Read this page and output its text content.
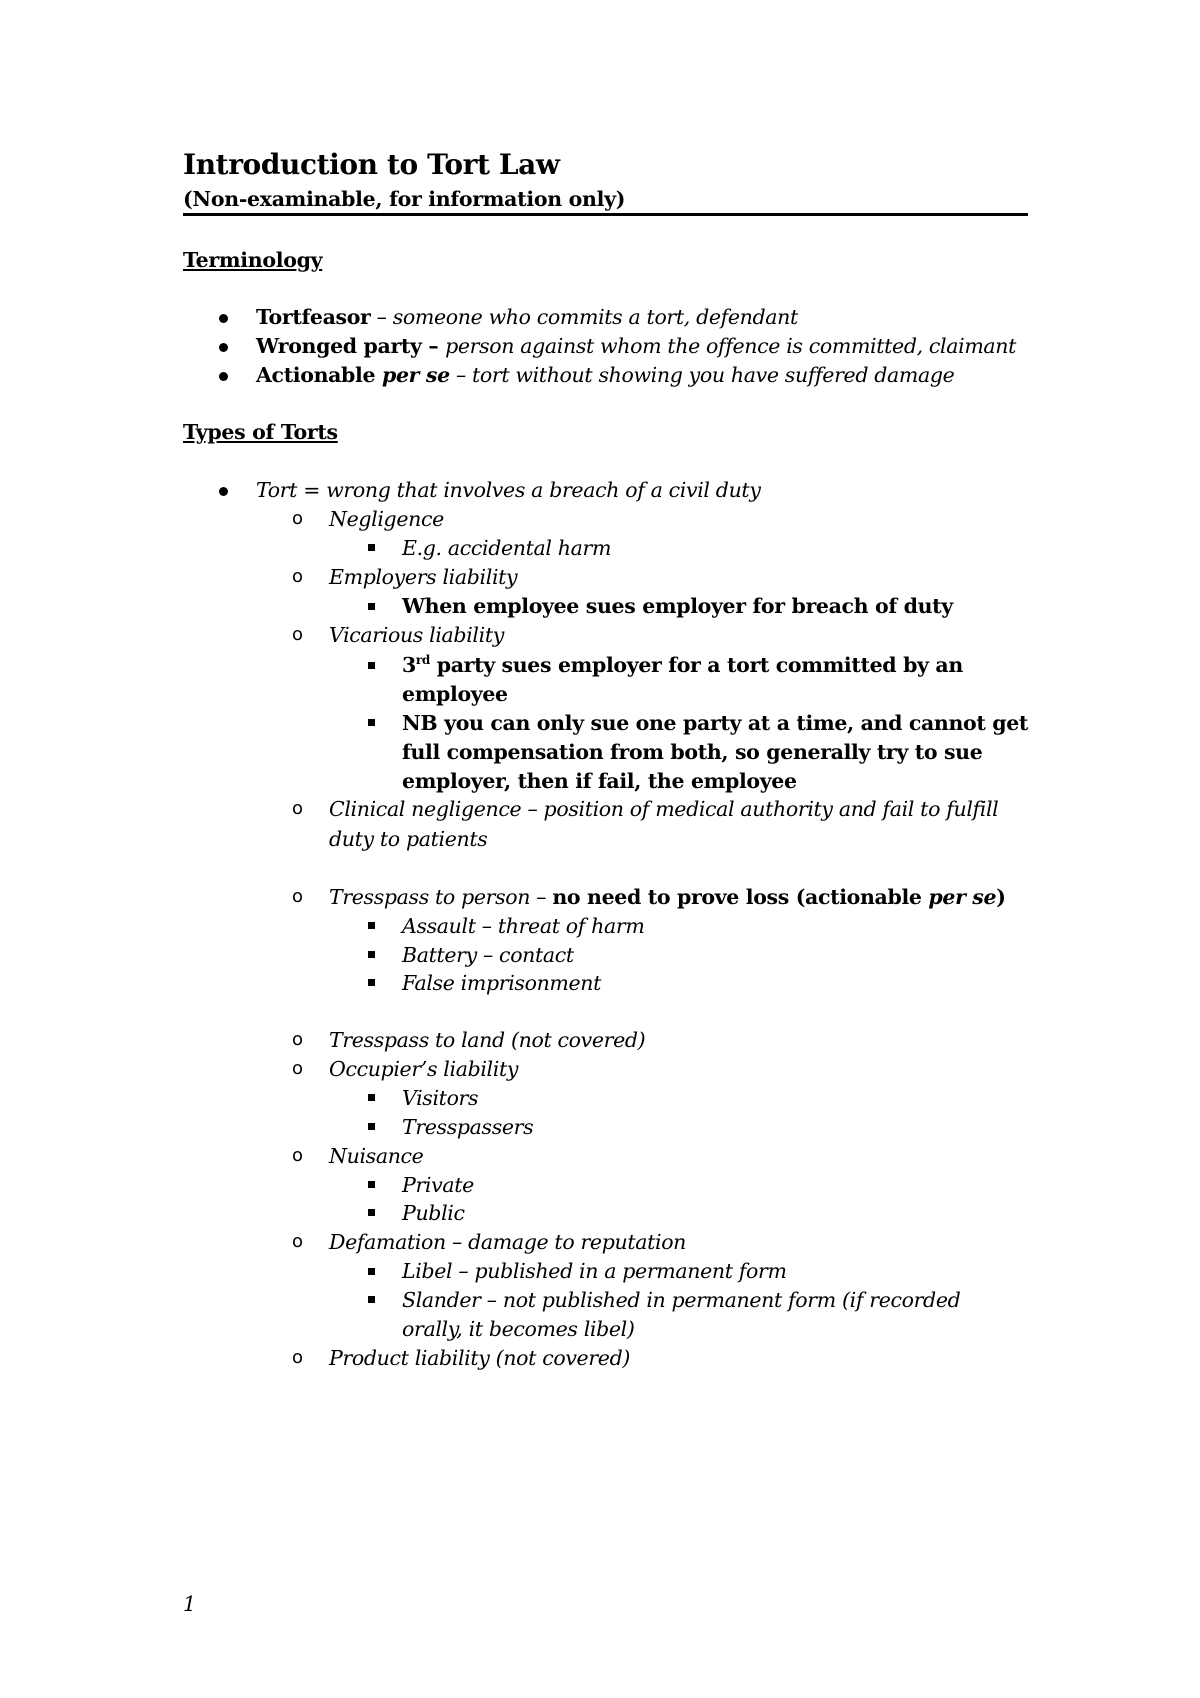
Introduction to Tort Law
(Non-examinable, for information only)
Terminology
Tortfeasor – someone who commits a tort, defendant
Wronged party – person against whom the offence is committed, claimant
Actionable per se – tort without showing you have suffered damage
Types of Torts
Tort = wrong that involves a breach of a civil duty
o Negligence
E.g. accidental harm
o Employers liability
When employee sues employer for breach of duty
o Vicarious liability
3rd party sues employer for a tort committed by an
employee
NB you can only sue one party at a time, and cannot get
full compensation from both, so generally try to sue
employer, then if fail, the employee
o Clinical negligence – position of medical authority and fail to fulfill
duty to patients
o Tresspass to person – no need to prove loss (actionable per se)
Assault – threat of harm
Battery – contact
False imprisonment
o Tresspass to land (not covered)
o Occupier’s liability
Visitors
Tresspassers
o Nuisance
Private
Public
o Defamation – damage to reputation
Libel – published in a permanent form
Slander – not published in permanent form (if recorded
orally, it becomes libel)
o Product liability (not covered)
1
